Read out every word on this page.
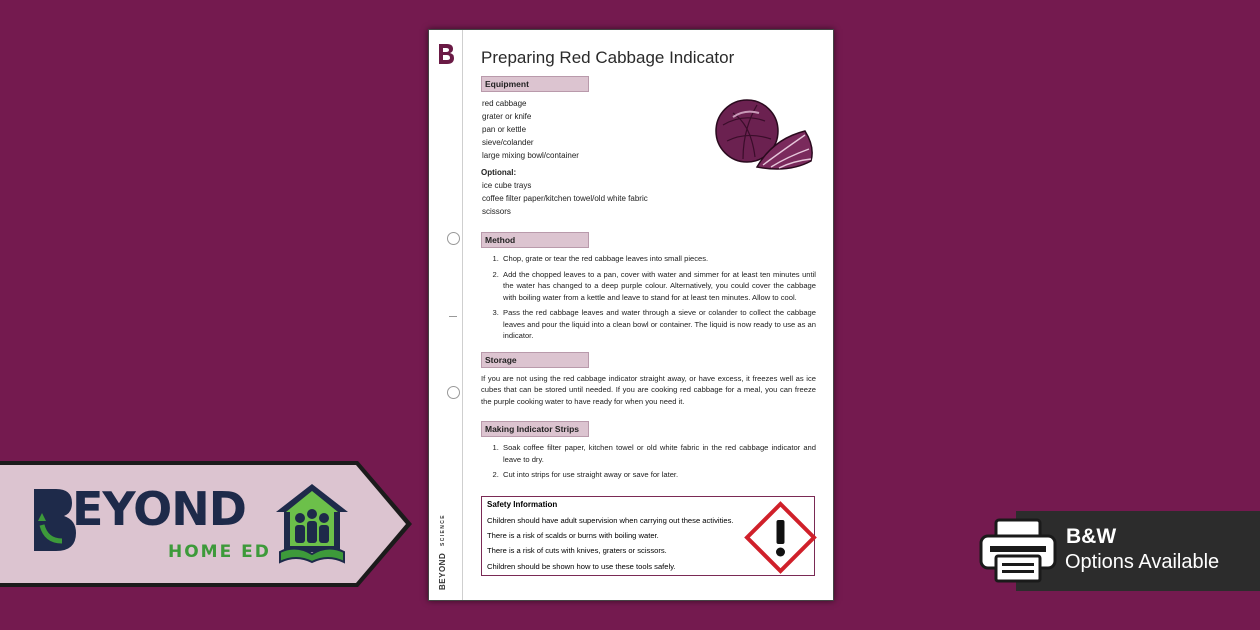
BEYOND SCIENCE
Preparing Red Cabbage Indicator
Equipment
red cabbage
grater or knife
pan or kettle
sieve/colander
large mixing bowl/container
Optional:
ice cube trays
coffee filter paper/kitchen towel/old white fabric
scissors
Method
1. Chop, grate or tear the red cabbage leaves into small pieces.
2. Add the chopped leaves to a pan, cover with water and simmer for at least ten minutes until the water has changed to a deep purple colour. Alternatively, you could cover the cabbage with boiling water from a kettle and leave to stand for at least ten minutes. Allow to cool.
3. Pass the red cabbage leaves and water through a sieve or colander to collect the cabbage leaves and pour the liquid into a clean bowl or container. The liquid is now ready to use as an indicator.
Storage

If you are not using the red cabbage indicator straight away, or have excess, it freezes well as ice cubes that can be stored until needed. If you are cooking red cabbage for a meal, you can freeze the purple cooking water to have ready for when you need it.

Making Indicator Strips
1. Soak coffee filter paper, kitchen towel or old white fabric in the red cabbage indicator and leave to dry.
2. Cut into strips for use straight away or save for later.
Safety Information
Children should have adult supervision when carrying out these activities.
There is a risk of scalds or burns with boiling water.
There is a risk of cuts with knives, graters or scissors.
Children should be shown how to use these tools safely.
EYOND
HOME ED
B&W
Options Available
